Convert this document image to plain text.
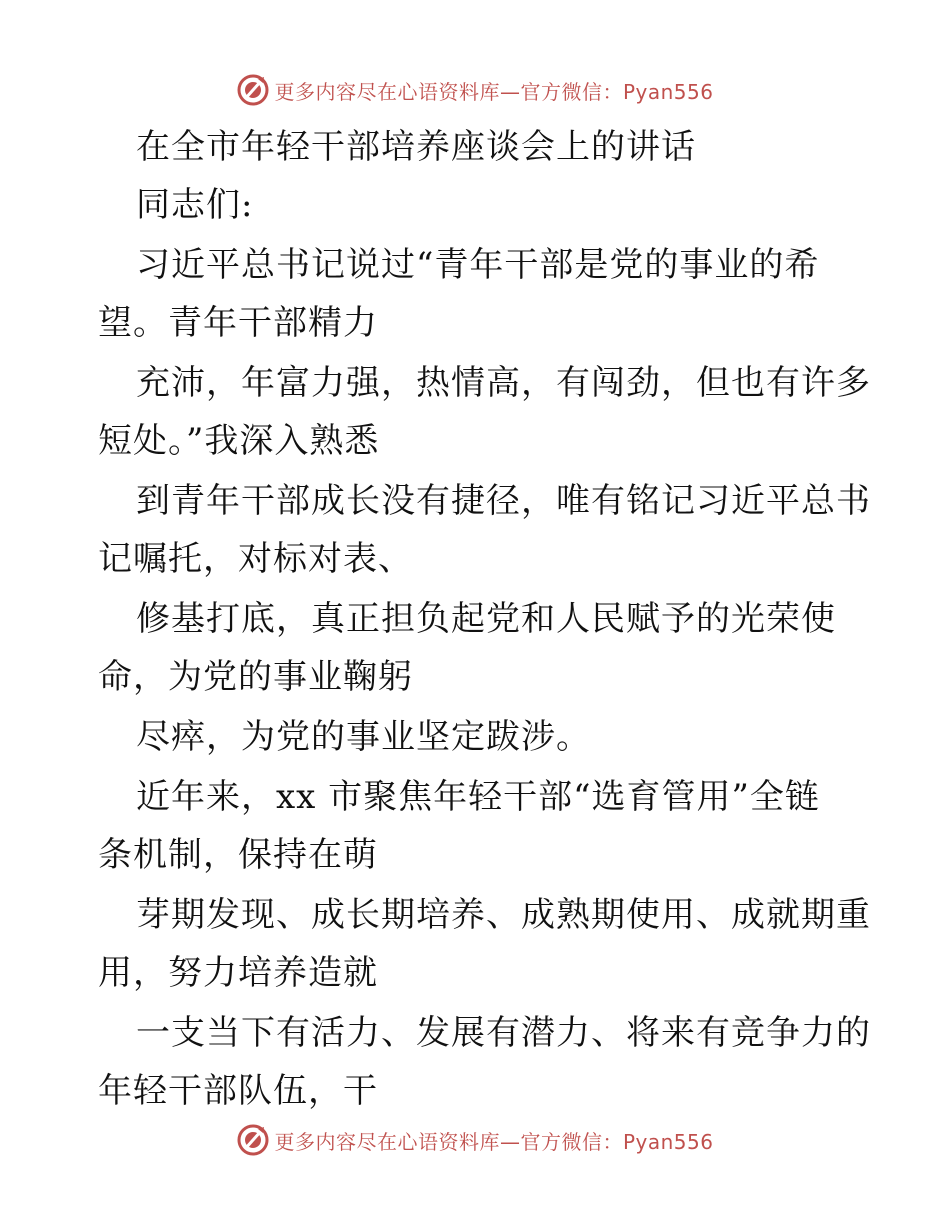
更多内容尽在心语资料库—官方微信：Pyan556
在全市年轻干部培养座谈会上的讲话
同志们:
习近平总书记说过“青年干部是党的事业的希
望。青年干部精力
充沛，年富力强，热情高，有闯劲，但也有许多
短处。”我深入熟悉
到青年干部成长没有捷径，唯有铭记习近平总书
记嘱托，对标对表、
修基打底，真正担负起党和人民赋予的光荣使
命，为党的事业鞠躬
尽瘁，为党的事业坚定跋涉。
近年来，xx 市聚焦年轻干部“选育管用”全链
条机制，保持在萌
芽期发现、成长期培养、成熟期使用、成就期重
用，努力培养造就
一支当下有活力、发展有潜力、将来有竞争力的
年轻干部队伍，干
更多内容尽在心语资料库—官方微信：Pyan556
